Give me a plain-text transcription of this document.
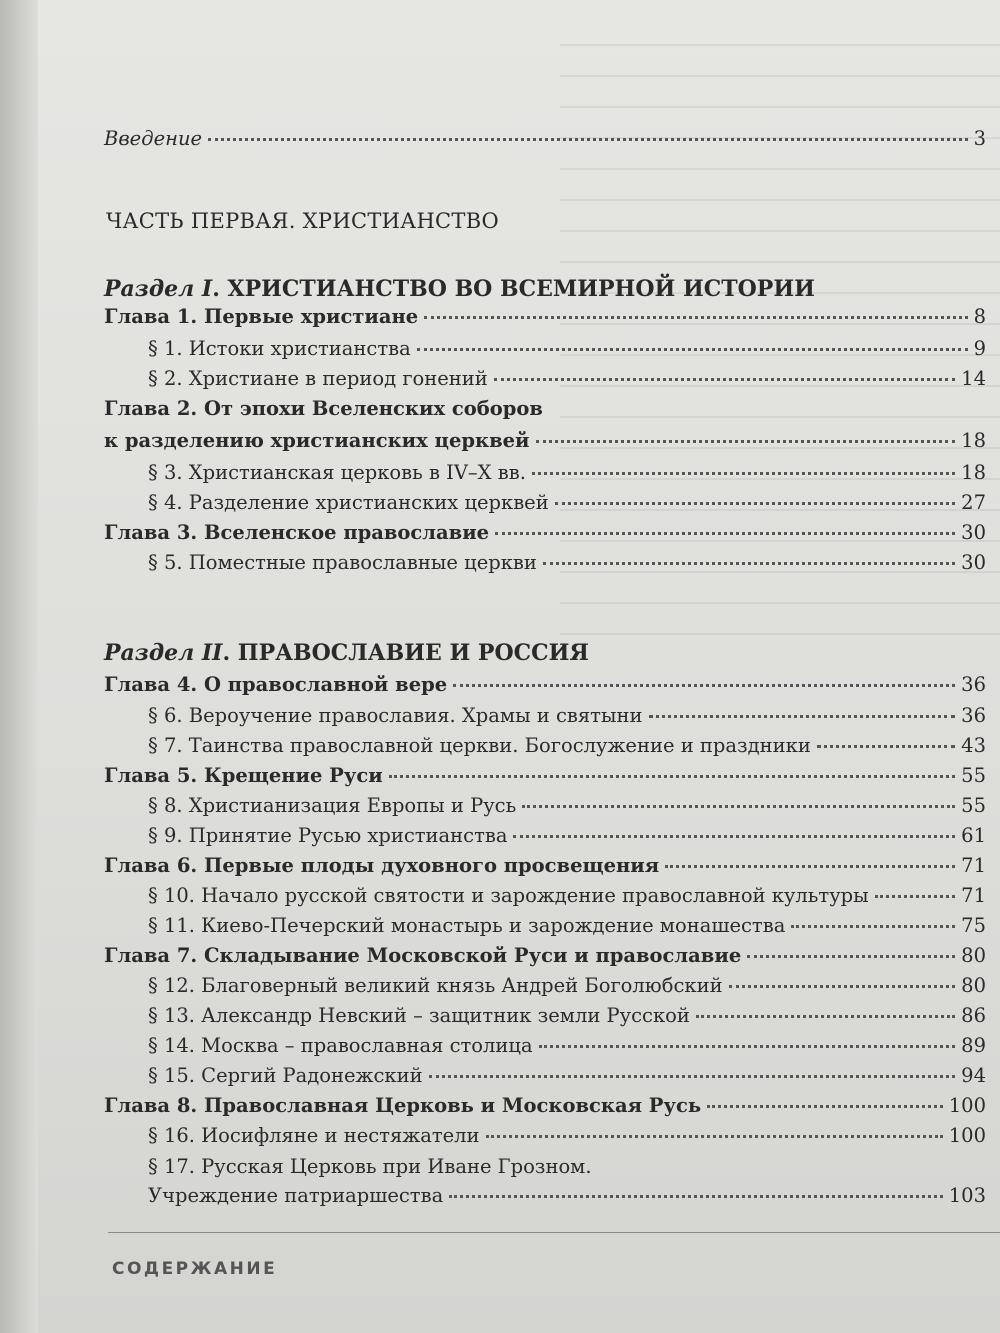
Введение	3
ЧАСТЬ ПЕРВАЯ. ХРИСТИАНСТВО
Раздел I. ХРИСТИАНСТВО ВО ВСЕМИРНОЙ ИСТОРИИ
Глава 1. Первые христиане	8
§ 1. Истоки христианства	9
§ 2. Христиане в период гонений	14
Глава 2. От эпохи Вселенских соборов
к разделению христианских церквей	18
§ 3. Христианская церковь в IV–X вв.	18
§ 4. Разделение христианских церквей	27
Глава 3. Вселенское православие	30
§ 5. Поместные православные церкви	30
Раздел II. ПРАВОСЛАВИЕ И РОССИЯ
Глава 4. О православной вере	36
§ 6. Вероучение православия. Храмы и святыни	36
§ 7. Таинства православной церкви. Богослужение и праздники	43
Глава 5. Крещение Руси	55
§ 8. Христианизация Европы и Русь	55
§ 9. Принятие Русью христианства	61
Глава 6. Первые плоды духовного просвещения	71
§ 10. Начало русской святости и зарождение православной культуры	71
§ 11. Киево-Печерский монастырь и зарождение монашества	75
Глава 7. Складывание Московской Руси и православие	80
§ 12. Благоверный великий князь Андрей Боголюбский	80
§ 13. Александр Невский – защитник земли Русской	86
§ 14. Москва – православная столица	89
§ 15. Сергий Радонежский	94
Глава 8. Православная Церковь и Московская Русь	100
§ 16. Иосифляне и нестяжатели	100
§ 17. Русская Церковь при Иване Грозном.
Учреждение патриаршества	103
СОДЕРЖАНИЕ
